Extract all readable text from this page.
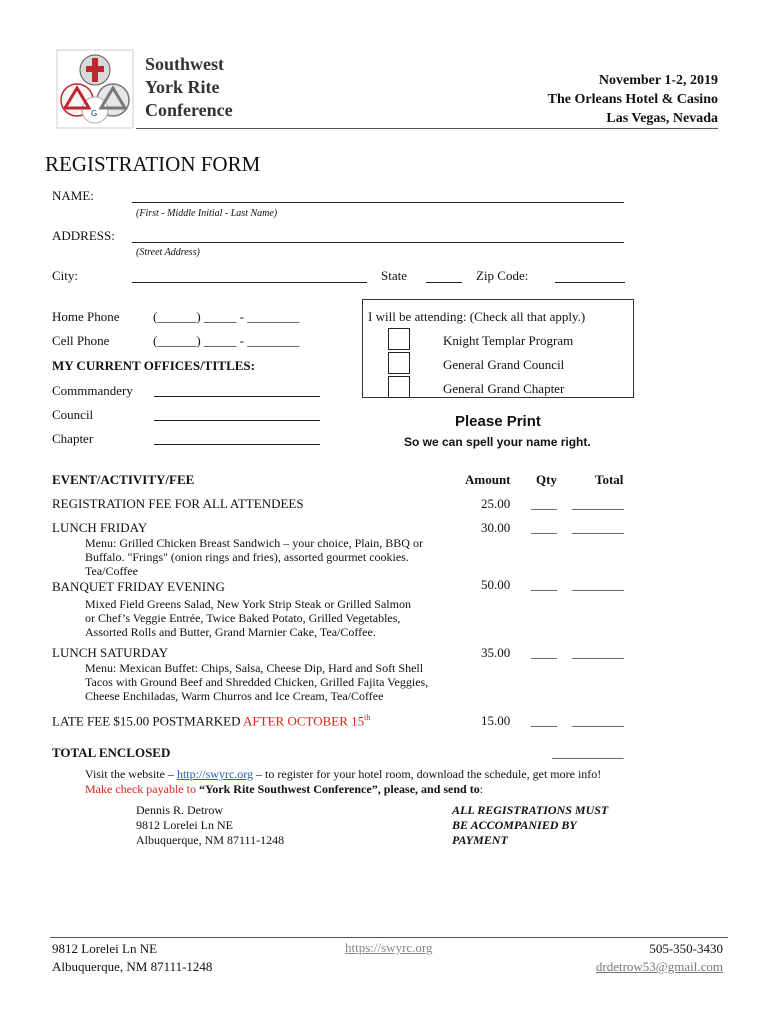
G
Southwest
York Rite
Conference
November 1-2, 2019
The Orleans Hotel & Casino
Las Vegas, Nevada
REGISTRATION FORM
NAME:
(First - Middle Initial - Last Name)
ADDRESS:
(Street Address)
City:	State	Zip Code:
Home Phone	(______) _____ - ________
Cell Phone	(______) _____ - ________
MY CURRENT OFFICES/TITLES:
Commmandery
Council
Chapter
I will be attending: (Check all that apply.)
Knight Templar Program
General Grand Council
General Grand Chapter
Please Print
So we can spell your name right.
EVENT/ACTIVITY/FEE	Amount Qty	Total
REGISTRATION FEE FOR ALL ATTENDEES	25.00 ____ ________
LUNCH FRIDAY	30.00 ____ ________
Menu: Grilled Chicken Breast Sandwich – your choice, Plain, BBQ or
Buffalo. "Frings" (onion rings and fries), assorted gourmet cookies.
Tea/Coffee
BANQUET FRIDAY EVENING	50.00 ____ ________
Mixed Field Greens Salad, New York Strip Steak or Grilled Salmon
or Chef’s Veggie Entrée, Twice Baked Potato, Grilled Vegetables,
Assorted Rolls and Butter, Grand Marnier Cake, Tea/Coffee.
LUNCH SATURDAY	35.00 ____ ________
Menu: Mexican Buffet: Chips, Salsa, Cheese Dip, Hard and Soft Shell
Tacos with Ground Beef and Shredded Chicken, Grilled Fajita Veggies,
Cheese Enchiladas, Warm Churros and Ice Cream, Tea/Coffee
LATE FEE $15.00 POSTMARKED AFTER OCTOBER 15th	15.00 ____ ________
TOTAL ENCLOSED	___________
Visit the website – http://swyrc.org – to register for your hotel room, download the schedule, get more info!
Make check payable to “York Rite Southwest Conference”, please, and send to:
Dennis R. Detrow
9812 Lorelei Ln NE
Albuquerque, NM 87111-1248
ALL REGISTRATIONS MUST
BE ACCOMPANIED BY
PAYMENT
9812 Lorelei Ln NE
Albuquerque, NM 87111-1248
https://swyrc.org	505-350-3430
drdetrow53@gmail.com
